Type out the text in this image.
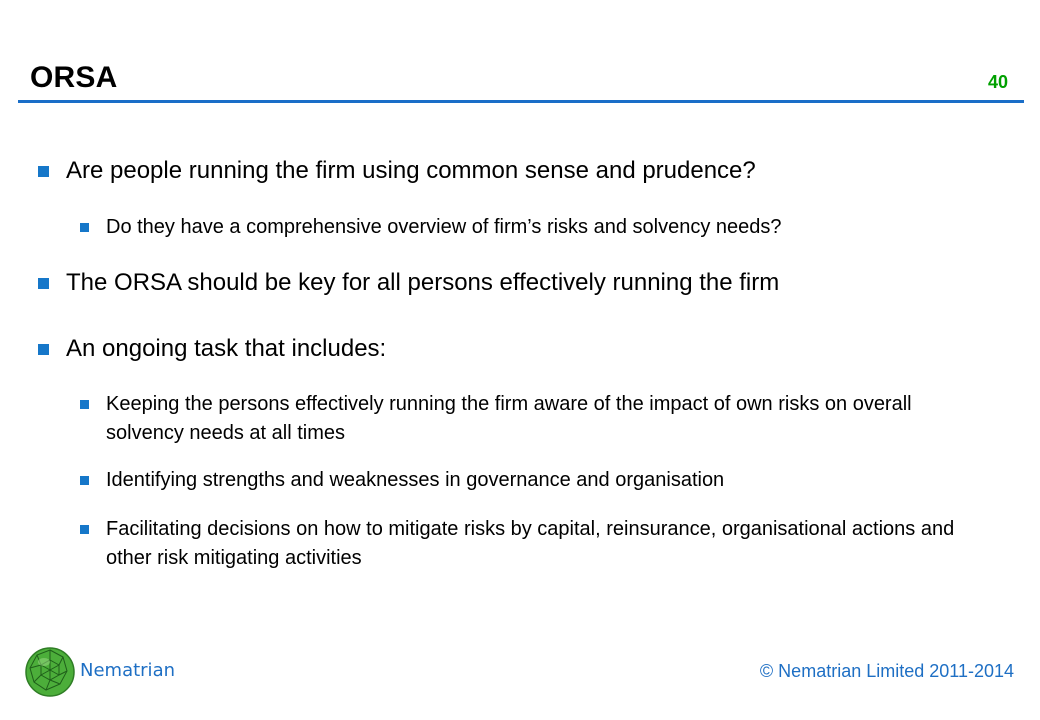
ORSA	40
Are people running the firm using common sense and prudence?
Do they have a comprehensive overview of firm’s risks and solvency needs?
The ORSA should be key for all persons effectively running the firm
An ongoing task that includes:
Keeping the persons effectively running the firm aware of the impact of own risks on overall solvency needs at all times
Identifying strengths and weaknesses in governance and organisation
Facilitating decisions on how to mitigate risks by capital, reinsurance, organisational actions and other risk mitigating activities
Nematrian	© Nematrian Limited 2011-2014
